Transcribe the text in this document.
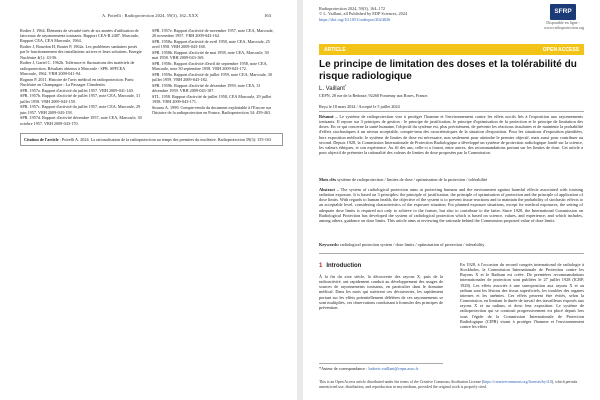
A. Poirelli : Radioprotection 2024, 59(3), 162–XXX	163
Rodier J. 1964. Éléments de sécurité tirés de six années d'utilisation de faisceaux de rayonnements ionisants. Rapport CEA-R 2487. Marcoule, Rapport CEA, CEA Marcoule, 1964.
Rodier J, Bourdon H, Boutet P, 1962a. Les problèmes sanitaires posés par le fonctionnement des installations actives et leurs solutions. Energie Nucléaire 4(1): 43-56.
Rodier J, Gariel C. 1962b. Tolérance et fluctuations des matériels de radioprotection. Résultats obtenus à Marcoule : SPR. SPFCEA Marcoule, 1962. VRH 2009-041-94.
Rognon P. 2011. Histoire de l'avis médical en radioprotection. Paris: Nucléaire en Champagne : La Passager Clandestin.
SPR. 1957a. Rapport d'activité du juillet 1957. VRH 2009-041-140.
SPR. 1957b. Rapport d'activité de juillet 1957, note CEA, Marcoule, 31 juillet 1958. VRH 2009-043-159.
SPR. 1957c. Rapport d'activité du juillet 1957, note CEA, Marcoule, 29 juin 1957. VRH 2009-043-158.
SPR. 1957d. Rapport d'activité décembre 1957, note CEA, Marcoule, 30 octobre 1957. VRH 2009-043-170.
SPR. 1957e. Rapport d'activité de novembre 1957, note CEA, Marcoule, 20 novembre 1957. VRH 2009-043-162.
SPR. 1958a. Rapport d'activité de avril 1958, note CEA, Marcoule, 25 avril 1958. VRH 2009-043-168.
SPR. 1958b. Rapport d'activité de mai 1958, note CEA, Marcoule, 30 mai 1958. VRH 2009-043-169.
SPR. 1958c. Rapport d'activité d'avril de septembre 1958, note CEA, Marcoule, note 30 septembre 1958. VRH 2009-043-172.
SPR. 1959a. Rapport d'activité de juillet 1959, note CEA, Marcoule, 30 juillet 1959. VRH 2009-043-182.
SPR. 1959b. Rapport d'activité de décembre 1959, note CEA, 31 décembre 1959. VRH 2009-043-187.
STL. 1958. Rapport d'activité de juillet 1958, CEA Marcoule, 29 juillet 1958. VRH 2009-043-171.
Strauss A. 1999. Compte-rendu du document exploitable à l'Encore sur l'histoire de la radioprotection en France, Radioprotection 34: 459-463.
Citation de l'article : Poirelli A. 2024. La rationalisation de la radioprotection au temps des premiers du nucléaire. Radioprotection 59(3): 155-163
Radioprotection 2024, 59(3), 164–172
© L. Vaillant, all Published by EDP Sciences, 2024
https://doi.org/10.1051/radiopro/2024026
SFRP
Disponible en ligne : www.radioprotection.org
ARTICLE	OPEN ACCESS
Le principe de limitation des doses et la tolérabilité du risque radiologique
L. Vaillant*
CEPN, 28 rue de la Redoute, 92260 Fontenay aux Roses, France.
Reçu le 18 mars 2024 / Accepté le 5 juillet 2024
Résumé – Le système de radioprotection vise à protéger l'homme et l'environnement contre les effets nocifs liés à l'exposition aux rayonnements ionisants. Il repose sur 3 principes de gestion : le principe de justification, le principe d'optimisation de la protection et le principe de limitation des doses. En ce qui concerne la santé humaine, l'objectif du système est, plus précisément, de prévenir les réactions tissulaires et de maintenir la probabilité d'effets stochastiques à un niveau acceptable, compte-tenu des caractéristiques de la situation d'exposition. Pour les situations d'exposition planifiées, hors exposition médicale, le système de limites de dose est nécessaire, non seulement pour atteindre le premier objectif, mais aussi pour contribuer au second. Depuis 1928, la Commission Internationale de Protection Radiologique a développé un système de protection radiologique fondé sur la science, les valeurs éthiques, et son expérience. Au fil des ans, celle-ci a fourni, entre autres, des recommandations portant sur les limites de dose. Cet article a pour objectif de présenter la rationalité des valeurs de limites de dose proposées par la Commission.
Mots clés système de radioprotection / limites de dose / optimisation de la protection / tolérabilité
Abstract – The system of radiological protection aims at protecting humans and the environment against harmful effects associated with ionising radiation exposure. It is based on 3 principles: the principle of justification, the principle of optimisation of protection and the principle of application of dose limits. With regards to human health, the objective of the system is to prevent tissue reactions and to maintain the probability of stochastic effects to an acceptable level, considering characteristics of the exposure situation. For planned exposure situations, except for medical exposures, the setting of adequate dose limits is required not only to achieve to the former, but also to contribute to the latter. Since 1928, the International Commission on Radiological Protection has developed the system of radiological protection which is based on science, values, and experience; and which includes, among others, guidance on dose limits. This article aims at reviewing the rationale behind the Commission proposed value of dose limits.
Keywords: radiological protection system / dose limits / optimisation of protection / tolerability
1 Introduction
À la fin du xixe siècle, la découverte des rayons X, puis de la radioactivité, ont rapidement conduit au développement des usages de sources de rayonnements ionisants, en particulier dans le domaine médical. Dans les mois qui suivirent ces découvertes, les rapidement portant sur les effets potentiellement délétères de ces rayonnements se sont multipliés, ces observations conduisant à formuler des principes de prévention.
En 1928, à l'occasion du second congrès international de radiologie à Stockholm, la Commission Internationale de Protection contre les Rayons X et le Radium est créée. De premières recommandations internationales de protection sont publiées le 27 juillet 1928 (ICRP, 1928). Les effets associés à une surexposition aux rayons X et au radium sont les lésions des tissus superficiels, les troubles des organes internes et les anémies. Ces effets peuvent être évités, selon la Commission, en limitant la durée de travail des travailleurs exposés aux rayons X et au radium, et donc leur exposition. Le système de radioprotection qui se construit progressivement est placé depuis lors sous l'égide de la Commission Internationale de Protection Radiologique (CIPR) visant à protéger l'homme et l'environnement contre les effets
*Auteur de correspondance : ludovic.vaillant@cepn.asso.fr
This is an Open Access article distributed under the terms of the Creative Commons Attribution License (https://creativecommons.org/licenses/by/4.0), which permits unrestricted use, distribution, and reproduction in any medium, provided the original work is properly cited.
